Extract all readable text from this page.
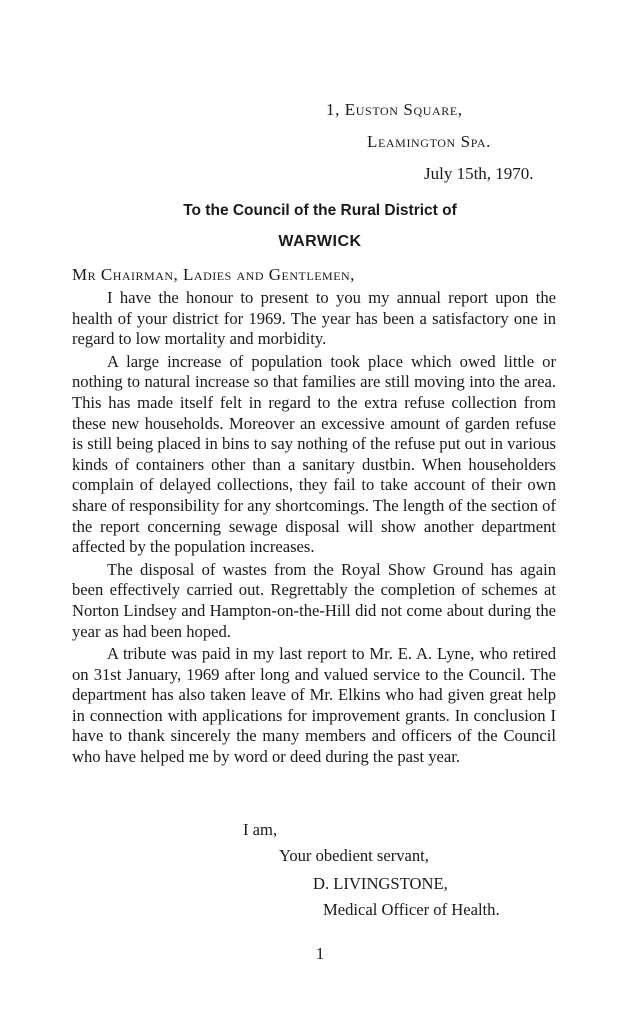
1, Euston Square,
Leamington Spa.
July 15th, 1970.
To the Council of the Rural District of
WARWICK
Mr Chairman, Ladies and Gentlemen,

I have the honour to present to you my annual report upon the health of your district for 1969. The year has been a satisfactory one in regard to low mortality and morbidity.

A large increase of population took place which owed little or nothing to natural increase so that families are still moving into the area. This has made itself felt in regard to the extra refuse collection from these new households. Moreover an excessive amount of garden refuse is still being placed in bins to say nothing of the refuse put out in various kinds of containers other than a sanitary dustbin. When householders complain of delayed collections, they fail to take account of their own share of responsibility for any shortcomings. The length of the section of the report concerning sewage disposal will show another department affected by the population increases.

The disposal of wastes from the Royal Show Ground has again been effectively carried out. Regrettably the completion of schemes at Norton Lindsey and Hampton-on-the-Hill did not come about during the year as had been hoped.

A tribute was paid in my last report to Mr. E. A. Lyne, who retired on 31st January, 1969 after long and valued service to the Council. The department has also taken leave of Mr. Elkins who had given great help in connection with applications for improvement grants. In conclusion I have to thank sincerely the many members and officers of the Council who have helped me by word or deed during the past year.

I am,
Your obedient servant,
D. LIVINGSTONE,
Medical Officer of Health.
1
